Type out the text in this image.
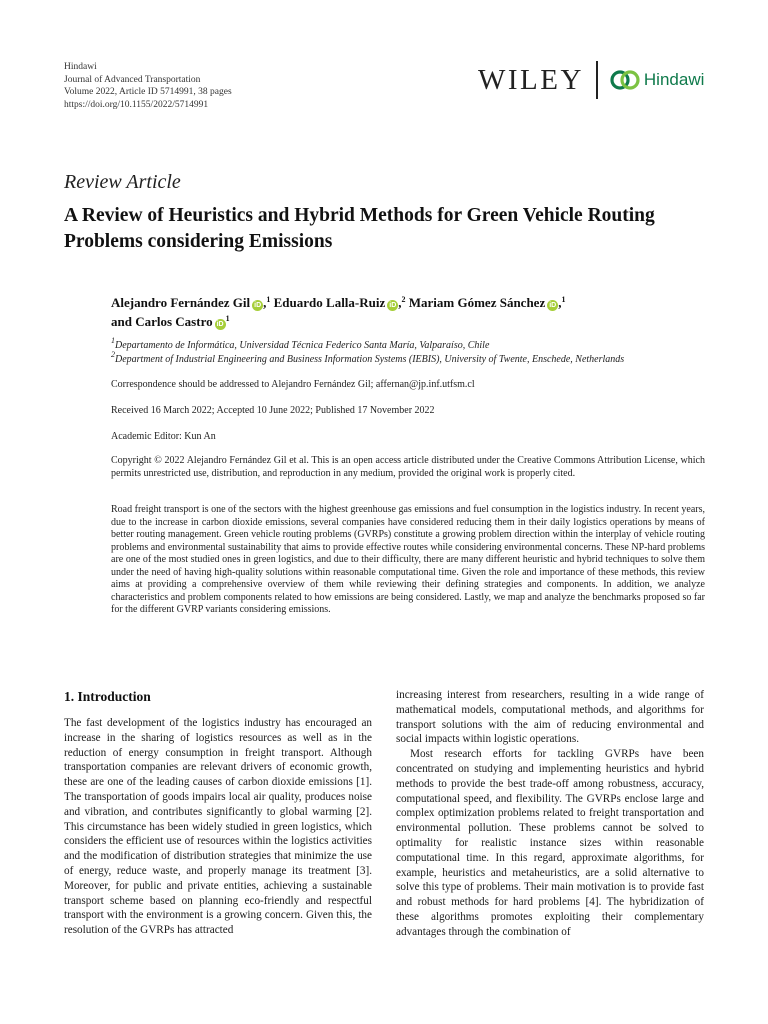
Hindawi
Journal of Advanced Transportation
Volume 2022, Article ID 5714991, 38 pages
https://doi.org/10.1155/2022/5714991
WILEY	Hindawi
Review Article
A Review of Heuristics and Hybrid Methods for Green Vehicle Routing Problems considering Emissions
Alejandro Fernández Gil iD ,$^1$ Eduardo Lalla-Ruiz iD ,$^2$ Mariam Gómez Sánchez iD ,$^1$
and Carlos Castro $iD^1$
$^1$Departamento de Informática, Universidad Técnica Federico Santa María, Valparaíso, Chile
$^2$Department of Industrial Engineering and Business Information Systems (IEBIS), University of Twente, Enschede, Netherlands
Correspondence should be addressed to Alejandro Fernández Gil; affernan@jp.inf.utfsm.cl
Received 16 March 2022; Accepted 10 June 2022; Published 17 November 2022
Academic Editor: Kun An
Copyright © 2022 Alejandro Fernández Gil et al. This is an open access article distributed under the Creative Commons Attribution License, which permits unrestricted use, distribution, and reproduction in any medium, provided the original work is properly cited.
Road freight transport is one of the sectors with the highest greenhouse gas emissions and fuel consumption in the logistics industry. In recent years, due to the increase in carbon dioxide emissions, several companies have considered reducing them in their daily logistics operations by means of better routing management. Green vehicle routing problems (GVRPs) constitute a growing problem direction within the interplay of vehicle routing problems and environmental sustainability that aims to provide effective routes while considering environmental concerns. These NP-hard problems are one of the most studied ones in green logistics, and due to their difficulty, there are many different heuristic and hybrid techniques to solve them under the need of having high-quality solutions within reasonable computational time. Given the role and importance of these methods, this review aims at providing a comprehensive overview of them while reviewing their defining strategies and components. In addition, we analyze characteristics and problem components related to how emissions are being considered. Lastly, we map and analyze the benchmarks proposed so far for the different GVRP variants considering emissions.
1. Introduction

The fast development of the logistics industry has encouraged an increase in the sharing of logistics resources as well as in the reduction of energy consumption in freight transport. Although transportation companies are relevant drivers of economic growth, these are one of the leading causes of carbon dioxide emissions [1]. The transportation of goods impairs local air quality, produces noise and vibration, and contributes significantly to global warming [2]. This circumstance has been widely studied in green logistics, which considers the efficient use of resources within the logistics activities and the modification of distribution strategies that minimize the use of energy, reduce waste, and properly manage its treatment [3]. Moreover, for public and private entities, achieving a sustainable transport scheme based on planning eco-friendly and respectful transport with the environment is a growing concern. Given this, the resolution of the GVRPs has attracted

increasing interest from researchers, resulting in a wide range of mathematical models, computational methods, and algorithms for transport solutions with the aim of reducing environmental and social impacts within logistic operations.

Most research efforts for tackling GVRPs have been concentrated on studying and implementing heuristics and hybrid methods to provide the best trade-off among robustness, accuracy, computational speed, and flexibility. The GVRPs enclose large and complex optimization problems related to freight transportation and environmental pollution. These problems cannot be solved to optimality for realistic instance sizes within reasonable computational time. In this regard, approximate algorithms, for example, heuristics and metaheuristics, are a solid alternative to solve this type of problems. Their main motivation is to provide fast and robust methods for hard problems [4]. The hybridization of these algorithms promotes exploiting their complementary advantages through the combination of
